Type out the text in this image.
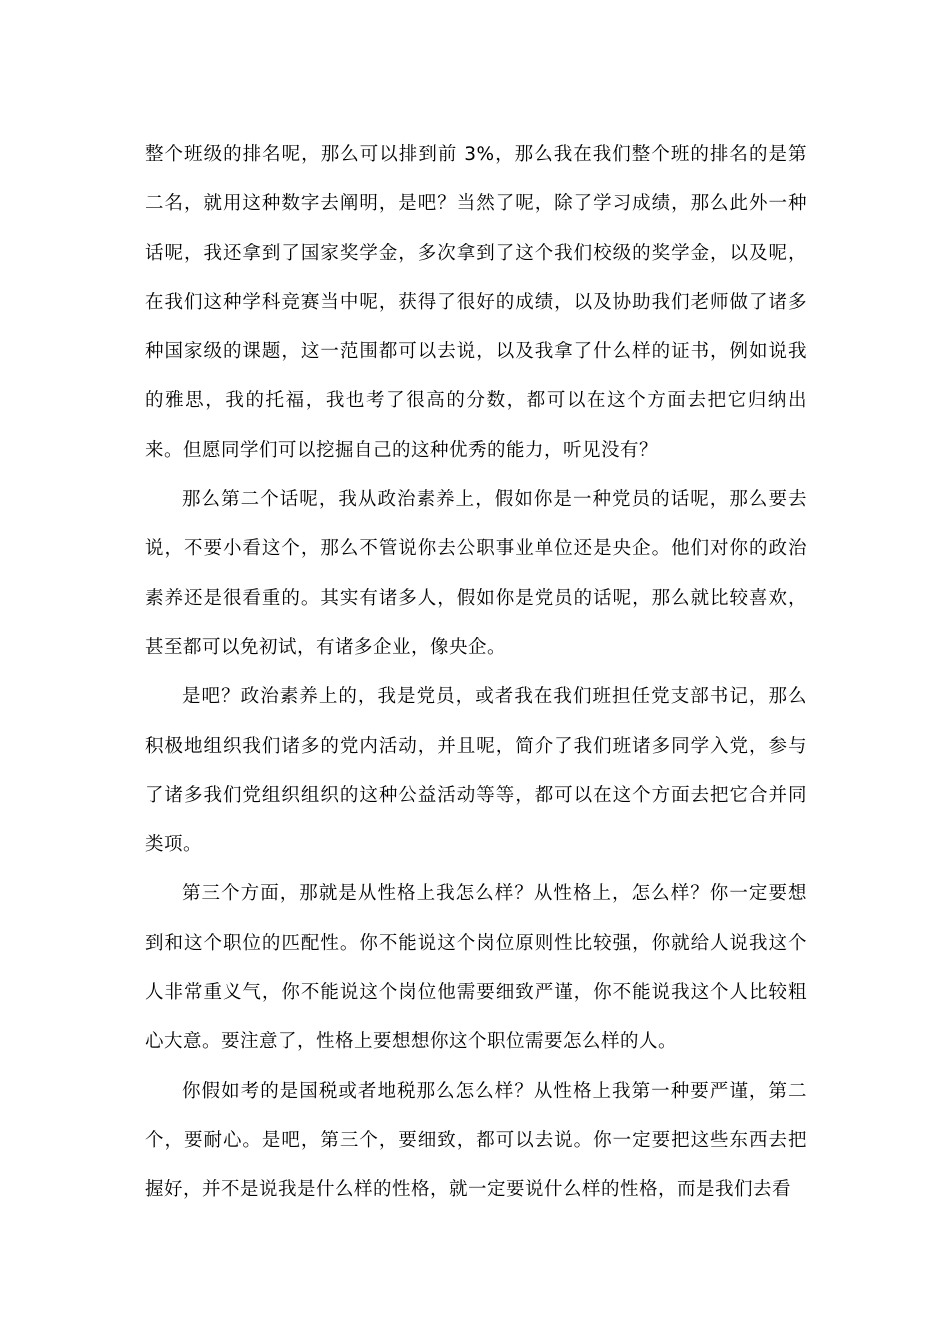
整个班级的排名呢，那么可以排到前 3%，那么我在我们整个班的排名的是第二名，就用这种数字去阐明，是吧？当然了呢，除了学习成绩，那么此外一种话呢，我还拿到了国家奖学金，多次拿到了这个我们校级的奖学金，以及呢，在我们这种学科竞赛当中呢，获得了很好的成绩，以及协助我们老师做了诸多种国家级的课题，这一范围都可以去说，以及我拿了什么样的证书，例如说我的雅思，我的托福，我也考了很高的分数，都可以在这个方面去把它归纳出来。但愿同学们可以挖掘自己的这种优秀的能力，听见没有？

那么第二个话呢，我从政治素养上，假如你是一种党员的话呢，那么要去说，不要小看这个，那么不管说你去公职事业单位还是央企。他们对你的政治素养还是很看重的。其实有诸多人，假如你是党员的话呢，那么就比较喜欢，甚至都可以免初试，有诸多企业，像央企。

是吧？政治素养上的，我是党员，或者我在我们班担任党支部书记，那么积极地组织我们诸多的党内活动，并且呢，简介了我们班诸多同学入党，参与了诸多我们党组织组织的这种公益活动等等，都可以在这个方面去把它合并同类项。

第三个方面，那就是从性格上我怎么样？从性格上，怎么样？你一定要想到和这个职位的匹配性。你不能说这个岗位原则性比较强，你就给人说我这个人非常重义气，你不能说这个岗位他需要细致严谨，你不能说我这个人比较粗心大意。要注意了，性格上要想想你这个职位需要怎么样的人。

你假如考的是国税或者地税那么怎么样？从性格上我第一种要严谨，第二个，要耐心。是吧，第三个，要细致，都可以去说。你一定要把这些东西去把握好，并不是说我是什么样的性格，就一定要说什么样的性格，而是我们去看
